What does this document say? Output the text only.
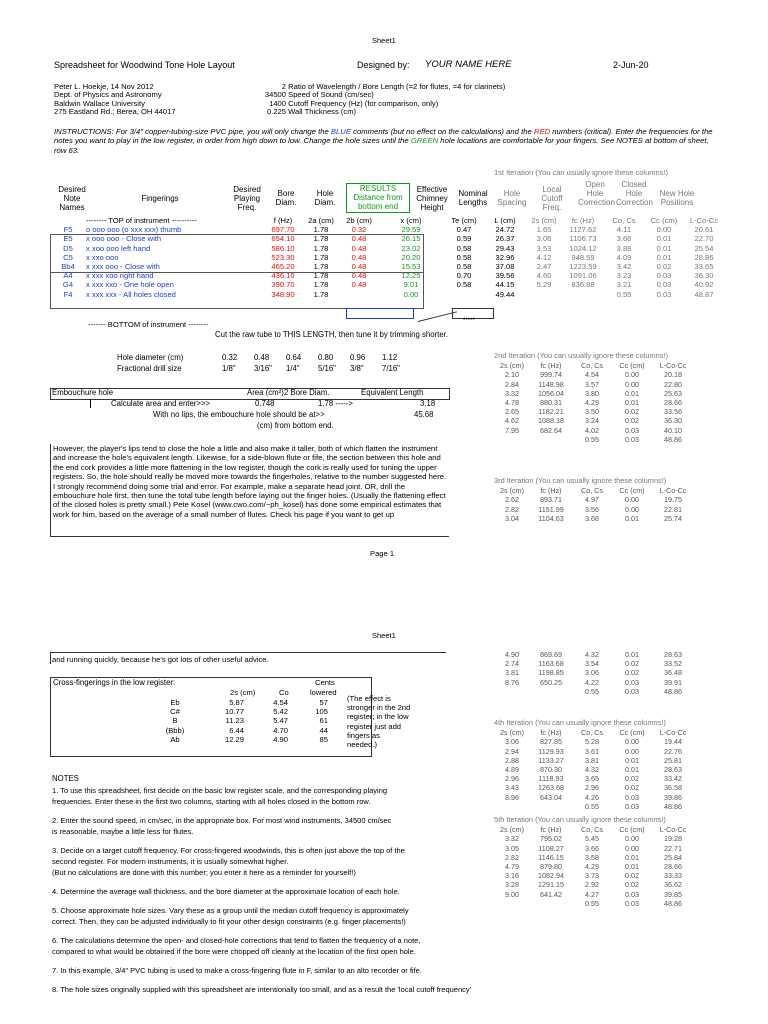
Sheet1
Spreadsheet for Woodwind Tone Hole Layout	Designed by: YOUR NAME HERE	2-Jun-20
Peter L. Hoekje, 14 Nov 2012
Dept. of Physics and Astronomy
Baldwin Wallace University
275 Eastland Rd.; Berea, OH 44017
2 Ratio of Wavelength / Bore Length (=2 for flutes, =4 for clarinets)
34500 Speed of Sound (cm/sec)
1400 Cutoff Frequency (Hz) (for comparison, only)
0.225 Wall Thickness (cm)
INSTRUCTIONS: For 3/4" copper-tubing-size PVC pipe, you will only change the BLUE comments (but no effect on the calculations) and the RED numbers (critical). Enter the frequencies for the notes you want to play in the low register, in order from high down to low. Change the hole sizes until the GREEN hole locations are comfortable for your fingers. See NOTES at bottom of sheet, row 63.
1st Iteration (You can usually ignore these columns!)
Desired Note Names
Fingerings
Desired Playing Freq.
Bore Diam.
Hole Diam.
RESULTS Distance from bottom end
Effective Chimney Height
Nominal Lengths
Hole Spacing
Local Cutoff Freq.
Open Hole Correction
Closed Hole Correction
New Hole Positions
	-------- TOP of instrument ----------	f (Hz)	2a (cm)	2b (cm)	x (cm)	Te (cm)	L (cm)	2s (cm)	fc (Hz)	Co, Cs	Cc (cm)	L-Co-Cc
F5	o ooo ooo (o xxx xxx) thumb	697.70	1.78	0.32	29.59	0.47	24.72	1.65	1127.62	4.11	0.00	20.61
E5	x ooo ooo - Close with	654.10	1.78	0.48	26.15	0.59	26.37	3.06	1106.73	3.66	0.01	22.70
D5	x xoo ooo left hand	586.10	1.78	0.48	23.02	0.58	29.43	3.53	1024.12	3.88	0.01	25.54
C5	x xxo ooo	523.30	1.78	0.48	20.20	0.58	32.96	4.12	948.59	4.09	0.01	28.86
Bb4	x xxx ooo - Close with	465.20	1.78	0.48	15.53	0.58	37.08	2.47	1223.59	3.42	0.02	33.65
A4	x xxx xoo right hand	436.10	1.78	0.48	12.25	0.70	39.56	4.60	1091.06	3.23	0.03	36.30
G4	x xxx xxo - One hole open	390.70	1.78	0.48	9.01	0.58	44.15	5.29	836.88	3.21	0.03	40.92
F4	x xxx xxx - All holes closed	348.90	1.78		0.00		49.44			0.55	0.03	48.87
------- BOTTOM of instrument --------	*****
Cut the raw tube to THIS LENGTH, then tune it by trimming shorter.
Hole diameter (cm)
Fractional drill size
0.32 0.48 0.64 0.80 0.96 1.12
1/8" 3/16" 1/4" 5/16" 3/8" 7/16"
Embouchure hole	Area (cm²) 2 Bore Diam.	Equivalent Length
Calculate area and enter>>>	0.748	1.78 ----->	3.18
With no lips, the embouchure hole should be at>>	45.68
(cm) from bottom end.
However, the player's lips tend to close the hole a little and also make it taller, both of which flatten the instrument and increase the hole's equivalent length. Likewise, for a side-blown flute or fife, the section between this hole and the end cork provides a little more flattening in the low register, though the cork is really used for tuning the upper registers. So, the hole should really be moved more towards the fingerholes, relative to the number suggested here. I strongly recommend doing some trial and error. For example, make a separate head joint. OR, drill the embouchure hole first, then tune the total tube length before laying out the finger holes. (Usually the flattening effect of the closed holes is pretty small.) Pete Kosel (www.cwo.com/~ph_kosel) has done some empirical estimates that work for him, based on the average of a small number of flutes. Check his page if you want to get up
2nd Iteration (You can usually ignore these columns!)
2s (cm)	fc (Hz)	Co, Cs	Cc (cm)	L-Co-Cc
2.10	999.74	4.54	0.00	20.18
2.84	1148.98	3.57	0.00	22.80
3.32	1056.04	3.80	0.01	25.63
4.78	880.31	4.29	0.01	28.66
2.65	1182.21	3.50	0.02	33.56
4.62	1088.18	3.24	0.02	36.30
7.95	682.64	4.02	0.03	40.10
		0.55	0.03	48.86
3rd Iteration (You can usually ignore these columns!)
2s (cm)	fc (Hz)	Co, Cs	Cc (cm)	L-Co-Cc
2.62	893.71	4.97	0.00	19.75
2.82	1151.99	3.56	0.00	22.81
3.04	1104.63	3.68	0.01	25.74
Page 1
Sheet1
and running quickly, because he's got lots of other useful advice.
Cross-fingerings in the low register:	Cents
2s (cm)	Co	lowered
Eb	5.87	4.54	57
C#	10.77	5.42	105
B	11.23	5.47	61
(Bbb)	6.44	4.70	44
Ab	12.29	4.90	85
(The effect is stronger in the 2nd register; in the low register just add fingers as needed.)
NOTES
1. To use this spreadsheet, first decide on the basic low register scale, and the corresponding playing
frequencies. Enter these in the first two columns, starting with all holes closed in the bottom row.
2. Enter the sound speed, in cm/sec, in the appropriate box. For most wind instruments, 34500 cm/sec
is reasonable, maybe a little less for flutes.
3. Decide on a target cutoff frequency. For cross-fingered woodwinds, this is often just above the top of the
second register. For modern instruments, it is usually somewhat higher.
(But no calculations are done with this number; you enter it here as a reminder for yourself!)
4. Determine the average wall thickness, and the bore diameter at the approximate location of each hole.
5. Choose approximate hole sizes. Vary these as a group until the median cutoff frequency is approximately
correct. Then, they can be adjusted individually to fit your other design constraints (e.g. finger placements!)
6. The calculations determine the open- and closed-hole corrections that tend to flatten the frequency of a note,
compared to what would be obtained if the bore were chopped off cleanly at the location of the first open hole.
7. In this example, 3/4" PVC tubing is used to make a cross-fingering flute in F, similar to an alto recorder or fife.
8. The hole sizes originally supplied with this spreadsheet are intentionally too small, and as a result the 'local cutoff frequency'
4.90	869.69	4.32	0.01	28.63
2.74	1163.68	3.54	0.02	33.52
3.81	1198.85	3.06	0.02	36.48
8.76	650.25	4.22	0.03	39.91
		0.55	0.03	48.86
4th Iteration (You can usually ignore these columns!)
2s (cm)	fc (Hz)	Co, Cs	Cc (cm)	L-Co-Cc
3.06	827.85	5.28	0.00	19.44
2.94	1129.93	3.61	0.00	22.76
2.88	1133.27	3.81	0.01	25.81
4.89	870.30	4.32	0.01	28.63
2.96	1118.93	3.65	0.02	33.42
3.43	1263.68	2.96	0.02	36.58
8.96	643.04	4.26	0.03	39.86
		0.55	0.03	48.86
5th Iteration (You can usually ignore these columns!)
2s (cm)	fc (Hz)	Co, Cs	Cc (cm)	L-Co-Cc
3.32	795.02	5.45	0.00	19.28
3.05	1108.27	3.66	0.00	22.71
2.82	1146.15	3.58	0.01	25.84
4.79	879.80	4.29	0.01	28.66
3.16	1082.94	3.73	0.02	33.33
3.28	1291.15	2.92	0.02	36.62
9.00	641.42	4.27	0.03	39.85
		0.55	0.03	48.86
